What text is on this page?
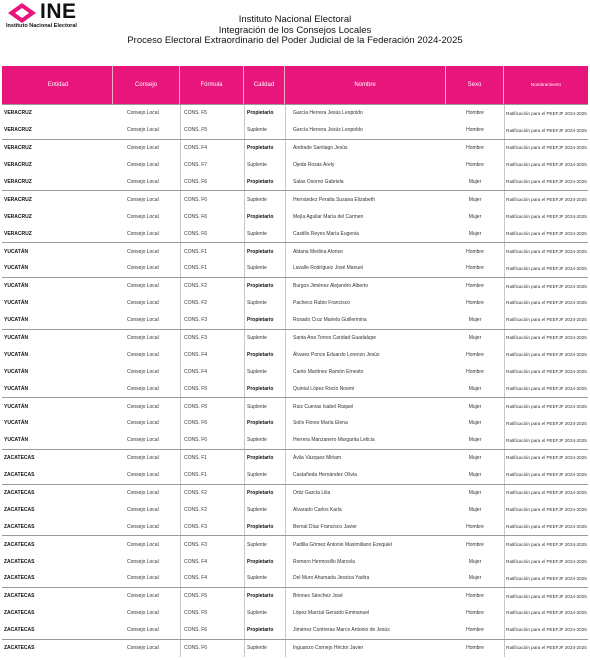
INE
Instituto Nacional Electoral
Instituto Nacional Electoral
Integración de los Consejos Locales
Proceso Electoral Extraordinario del Poder Judicial de la Federación 2024-2025
Entidad	Consejo	Fórmula	Calidad	Nombre	Sexo	Nombramiento
VERACRUZ	Consejo Local	CONS. F5	Propietario	García Herrera Jesús Leopoldo	Hombre	Ratificación para el PEEFJF 2024-2025
VERACRUZ	Consejo Local	CONS. F5	Suplente	García Herrera Jesús Leopoldo	Hombre	Ratificación para el PEEFJF 2024-2025
VERACRUZ	Consejo Local	CONS. F4	Propietario	Andrade Santiago Jesús	Hombre	Ratificación para el PEEFJF 2024-2025
VERACRUZ	Consejo Local	CONS. F7	Suplente	Ojeda Rosas Arely	Hombre	Ratificación para el PEEFJF 2024-2025
VERACRUZ	Consejo Local	CONS. F6	Propietario	Salas Osorno Gabriela	Mujer	Ratificación para el PEEFJF 2024-2025
VERACRUZ	Consejo Local	CONS. F6	Suplente	Hernández Peralta Susana Elizabeth	Mujer	Ratificación para el PEEFJF 2024-2025
VERACRUZ	Consejo Local	CONS. F6	Propietario	Mejía Aguilar María del Carmen	Mujer	Ratificación para el PEEFJF 2024-2025
VERACRUZ	Consejo Local	CONS. F6	Suplente	Castillo Reyes María Eugenia	Mujer	Ratificación para el PEEFJF 2024-2025
YUCATÁN	Consejo Local	CONS. F1	Propietario	Aldana Medina Alonso	Hombre	Ratificación para el PEEFJF 2024-2025
YUCATÁN	Consejo Local	CONS. F1	Suplente	Lavalle Rodríguez José Manuel	Hombre	Ratificación para el PEEFJF 2024-2025
YUCATÁN	Consejo Local	CONS. F2	Propietario	Burgos Jiménez Alejandro Alberto	Hombre	Ratificación para el PEEFJF 2024-2025
YUCATÁN	Consejo Local	CONS. F2	Suplente	Pacheco Rubio Francisco	Hombre	Ratificación para el PEEFJF 2024-2025
YUCATÁN	Consejo Local	CONS. F3	Propietario	Rosado Cruz Mariela Guillermina	Mujer	Ratificación para el PEEFJF 2024-2025
YUCATÁN	Consejo Local	CONS. F3	Suplente	Santa Ana Torres Caridad Guadalupe	Mujer	Ratificación para el PEEFJF 2024-2025
YUCATÁN	Consejo Local	CONS. F4	Propietario	Álvarez Ponce Eduardo Lorenzo Jesús	Hombre	Ratificación para el PEEFJF 2024-2025
YUCATÁN	Consejo Local	CONS. F4	Suplente	Canto Martínez Ramón Ernesto	Hombre	Ratificación para el PEEFJF 2024-2025
YUCATÁN	Consejo Local	CONS. F5	Propietario	Quintal López Rocío Noemí	Mujer	Ratificación para el PEEFJF 2024-2025
YUCATÁN	Consejo Local	CONS. F5	Suplente	Ruiz Cuevas Isabel Raquel	Mujer	Ratificación para el PEEFJF 2024-2025
YUCATÁN	Consejo Local	CONS. F6	Propietario	Solís Flores María Elena	Mujer	Ratificación para el PEEFJF 2024-2025
YUCATÁN	Consejo Local	CONS. F6	Suplente	Herrera Manzanero Margarita Leticia	Mujer	Ratificación para el PEEFJF 2024-2025
ZACATECAS	Consejo Local	CONS. F1	Propietario	Ávila Vázquez Miriam	Mujer	Ratificación para el PEEFJF 2024-2025
ZACATECAS	Consejo Local	CONS. F1	Suplente	Castañeda Hernández Olivia	Mujer	Ratificación para el PEEFJF 2024-2025
ZACATECAS	Consejo Local	CONS. F2	Propietario	Ortiz García Lilia	Mujer	Ratificación para el PEEFJF 2024-2025
ZACATECAS	Consejo Local	CONS. F2	Suplente	Alvarado Carlos Karla	Mujer	Ratificación para el PEEFJF 2024-2025
ZACATECAS	Consejo Local	CONS. F3	Propietario	Bernal Díaz Francisco Javier	Hombre	Ratificación para el PEEFJF 2024-2025
ZACATECAS	Consejo Local	CONS. F3	Suplente	Padilla Gómez Antonio Maximiliano Ezequiel	Hombre	Ratificación para el PEEFJF 2024-2025
ZACATECAS	Consejo Local	CONS. F4	Propietario	Romero Hermosillo Marcela	Mujer	Ratificación para el PEEFJF 2024-2025
ZACATECAS	Consejo Local	CONS. F4	Suplente	Del Muro Ahumada Jessica Yadira	Mujer	Ratificación para el PEEFJF 2024-2025
ZACATECAS	Consejo Local	CONS. F5	Propietario	Briones Sánchez José	Hombre	Ratificación para el PEEFJF 2024-2025
ZACATECAS	Consejo Local	CONS. F5	Suplente	López Marcial Gerardo Emmanuel	Hombre	Ratificación para el PEEFJF 2024-2025
ZACATECAS	Consejo Local	CONS. F6	Propietario	Jiménez Contreras Marco Antonio de Jesús	Hombre	Ratificación para el PEEFJF 2024-2025
ZACATECAS	Consejo Local	CONS. F6	Suplente	Inguanzo Cornejo Héctor Javier	Hombre	Ratificación para el PEEFJF 2024-2025
